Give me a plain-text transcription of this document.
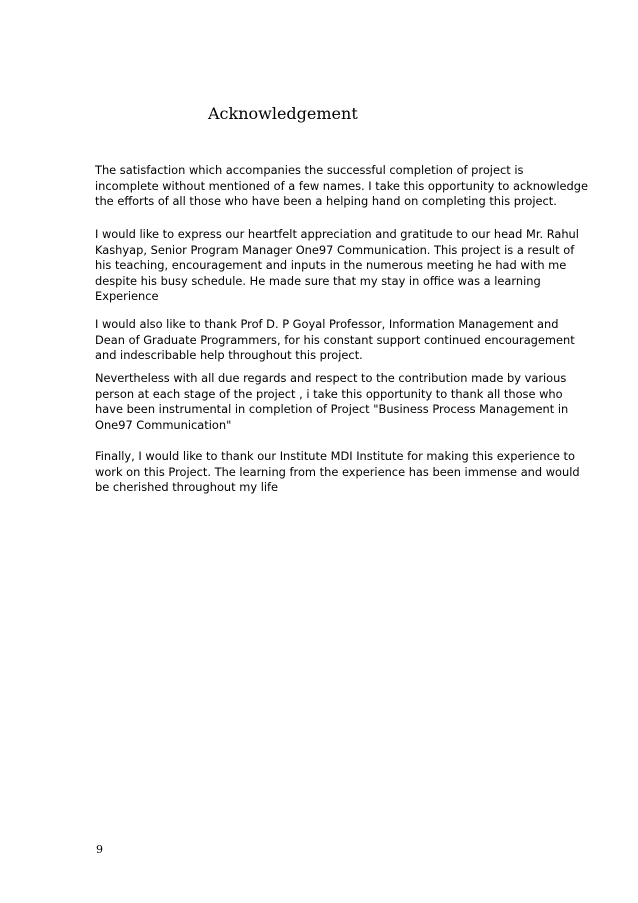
Acknowledgement
The satisfaction which accompanies the successful completion of project is
incomplete without mentioned of a few names. I take this opportunity to acknowledge
the efforts of all those who have been a helping hand on completing this project.
I would like to express our heartfelt appreciation and gratitude to our head Mr. Rahul
Kashyap, Senior Program Manager One97 Communication. This project is a result of
his teaching, encouragement and inputs in the numerous meeting he had with me
despite his busy schedule. He made sure that my stay in office was a learning
Experience
I would also like to thank Prof D. P Goyal Professor, Information Management and
Dean of Graduate Programmers, for his constant support continued encouragement
and indescribable help throughout this project.
Nevertheless with all due regards and respect to the contribution made by various
person at each stage of the project , i take this opportunity to thank all those who
have been instrumental in completion of Project "Business Process Management in
One97 Communication"
Finally, I would like to thank our Institute MDI Institute for making this experience to
work on this Project. The learning from the experience has been immense and would
be cherished throughout my life
9
